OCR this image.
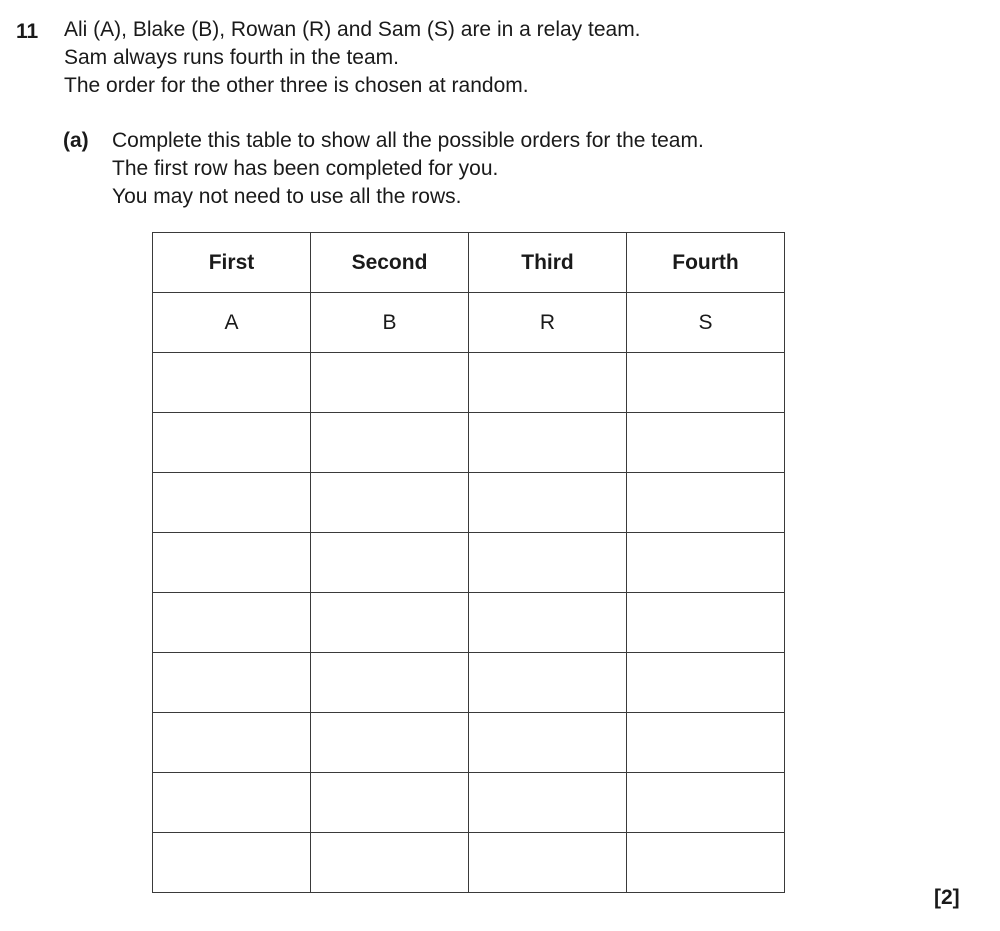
11 Ali (A), Blake (B), Rowan (R) and Sam (S) are in a relay team.
Sam always runs fourth in the team.
The order for the other three is chosen at random.
(a) Complete this table to show all the possible orders for the team.
The first row has been completed for you.
You may not need to use all the rows.
First	Second	Third	Fourth
A	B	R	S

[2]
